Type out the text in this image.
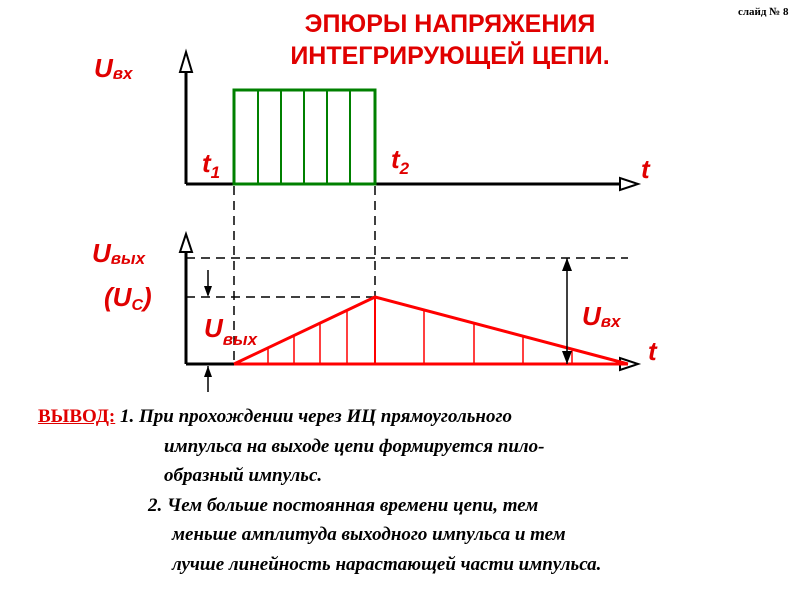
слайд № 8
ЭПЮРЫ НАПРЯЖЕНИЯ
ИНТЕГРИРУЮЩЕЙ ЦЕПИ.
Uвх
$t_1$	$t_2$	t
Uвых
(UC)
$U_{вых}$
Uвх
t
ВЫВОД: 1. При прохождении через ИЦ прямоугольного
импульса на выходе цепи формируется пило-
образный импульс.
2. Чем больше постоянная времени цепи, тем
меньше амплитуда выходного импульса и тем
лучше линейность нарастающей части импульса.
